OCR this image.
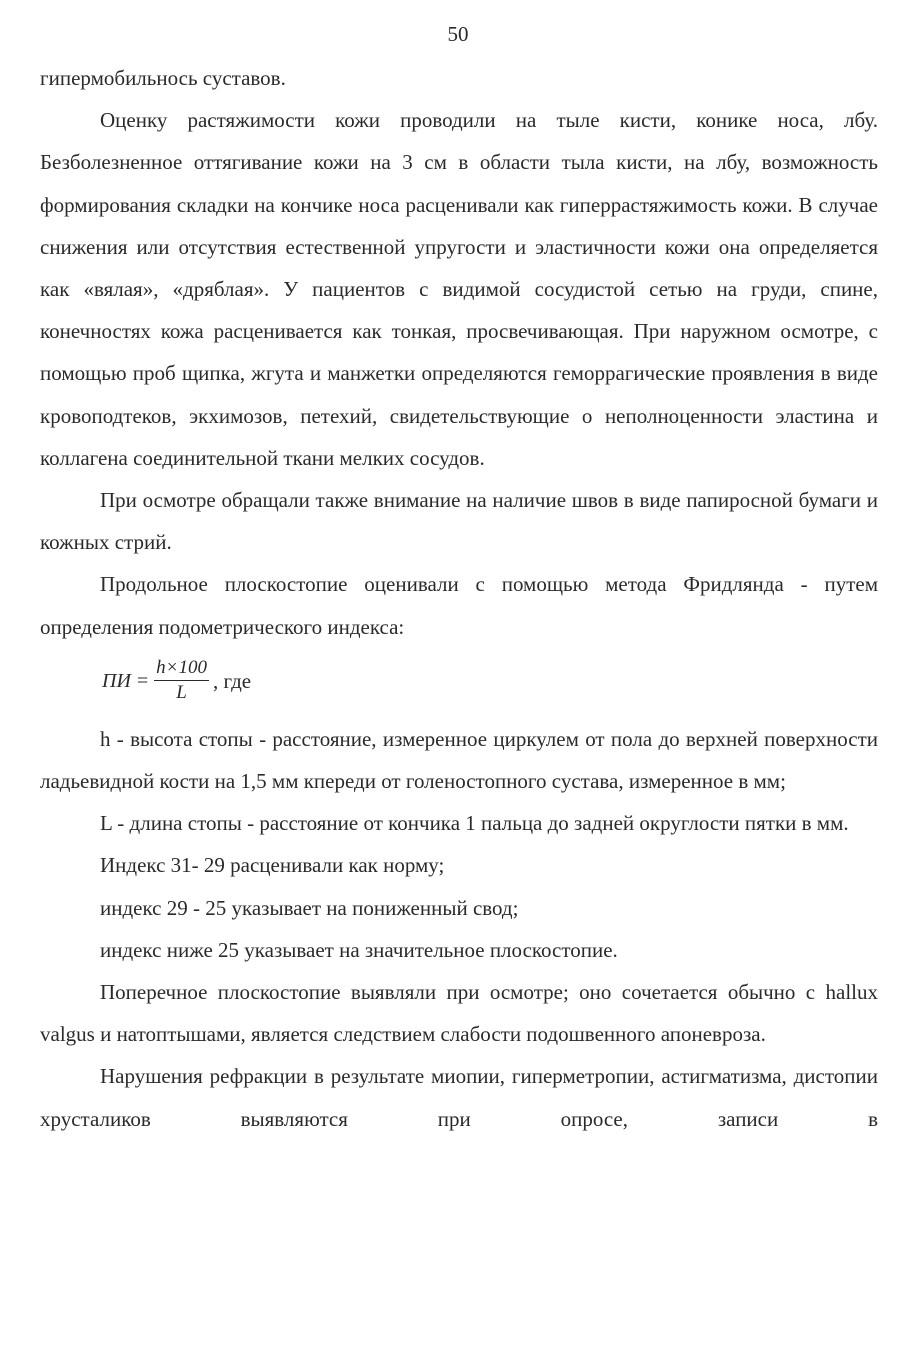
50

гипермобильнось суставов.

Оценку растяжимости кожи проводили на тыле кисти, конике носа, лбу. Безболезненное оттягивание кожи на 3 см в области тыла кисти, на лбу, возможность формирования складки на кончике носа расценивали как гиперрастяжимость кожи. В случае снижения или отсутствия естественной упругости и эластичности кожи она определяется как «вялая», «дряблая». У пациентов с видимой сосудистой сетью на груди, спине, конечностях кожа расценивается как тонкая, просвечивающая. При наружном осмотре, с помощью проб щипка, жгута и манжетки определяются геморрагические проявления в виде кровоподтеков, экхимозов, петехий, свидетельствующие о неполноценности эластина и коллагена соединительной ткани мелких сосудов.

При осмотре обращали также внимание на наличие швов в виде папиросной бумаги и кожных стрий.

Продольное плоскостопие оценивали с помощью метода Фридлянда - путем определения подометрического индекса:

ПИ = $\frac{h\times 100}{L}$ , где

h - высота стопы - расстояние, измеренное циркулем от пола до верхней поверхности ладьевидной кости на 1,5 мм кпереди от голеностопного сустава, измеренное в мм;

L - длина стопы - расстояние от кончика 1 пальца до задней округлости пятки в мм.

Индекс 31- 29 расценивали как норму;

индекс 29 - 25 указывает на пониженный свод;

индекс ниже 25 указывает на значительное плоскостопие.

Поперечное плоскостопие выявляли при осмотре; оно сочетается обычно с hallux valgus и натоптышами, является следствием слабости подошвенного апоневроза.

Нарушения рефракции в результате миопии, гиперметропии, астигматизма, дистопии хрусталиков выявляются при опросе, записи в
